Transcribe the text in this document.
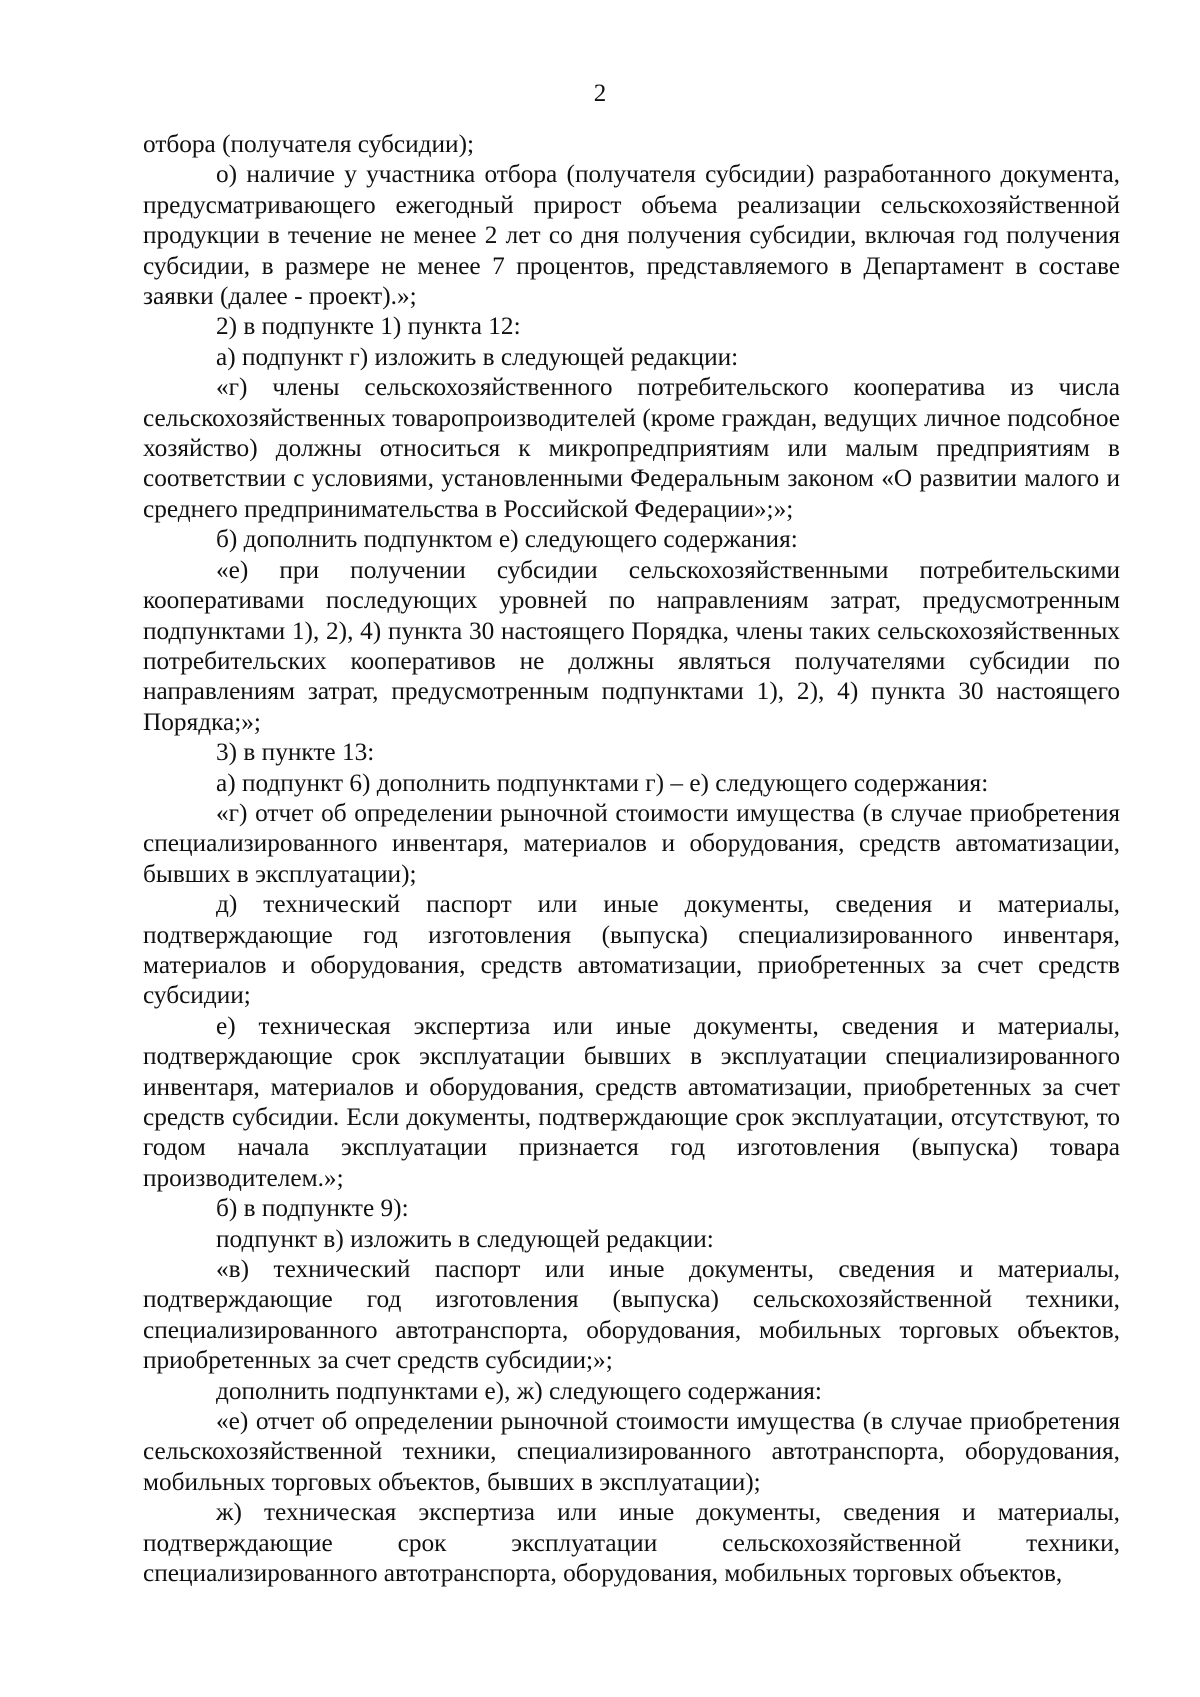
2

отбора (получателя субсидии);

о) наличие у участника отбора (получателя субсидии) разработанного документа, предусматривающего ежегодный прирост объема реализации сельскохозяйственной продукции в течение не менее 2 лет со дня получения субсидии, включая год получения субсидии, в размере не менее 7 процентов, представляемого в Департамент в составе заявки (далее - проект).»;

2) в подпункте 1) пункта 12:

а) подпункт г) изложить в следующей редакции:

«г) члены сельскохозяйственного потребительского кооператива из числа сельскохозяйственных товаропроизводителей (кроме граждан, ведущих личное подсобное хозяйство) должны относиться к микропредприятиям или малым предприятиям в соответствии с условиями, установленными Федеральным законом «О развитии малого и среднего предпринимательства в Российской Федерации»;»;

б) дополнить подпунктом е) следующего содержания:

«е) при получении субсидии сельскохозяйственными потребительскими кооперативами последующих уровней по направлениям затрат, предусмотренным подпунктами 1), 2), 4) пункта 30 настоящего Порядка, члены таких сельскохозяйственных потребительских кооперативов не должны являться получателями субсидии по направлениям затрат, предусмотренным подпунктами 1), 2), 4) пункта 30 настоящего Порядка;»;

3) в пункте 13:

а) подпункт 6) дополнить подпунктами г) – е) следующего содержания:

«г) отчет об определении рыночной стоимости имущества (в случае приобретения специализированного инвентаря, материалов и оборудования, средств автоматизации, бывших в эксплуатации);

д) технический паспорт или иные документы, сведения и материалы, подтверждающие год изготовления (выпуска) специализированного инвентаря, материалов и оборудования, средств автоматизации, приобретенных за счет средств субсидии;

е) техническая экспертиза или иные документы, сведения и материалы, подтверждающие срок эксплуатации бывших в эксплуатации специализированного инвентаря, материалов и оборудования, средств автоматизации, приобретенных за счет средств субсидии. Если документы, подтверждающие срок эксплуатации, отсутствуют, то годом начала эксплуатации признается год изготовления (выпуска) товара производителем.»;

б) в подпункте 9):

подпункт в) изложить в следующей редакции:

«в) технический паспорт или иные документы, сведения и материалы, подтверждающие год изготовления (выпуска) сельскохозяйственной техники, специализированного автотранспорта, оборудования, мобильных торговых объектов, приобретенных за счет средств субсидии;»;

дополнить подпунктами е), ж) следующего содержания:

«е) отчет об определении рыночной стоимости имущества (в случае приобретения сельскохозяйственной техники, специализированного автотранспорта, оборудования, мобильных торговых объектов, бывших в эксплуатации);

ж) техническая экспертиза или иные документы, сведения и материалы, подтверждающие срок эксплуатации сельскохозяйственной техники, специализированного автотранспорта, оборудования, мобильных торговых объектов,
